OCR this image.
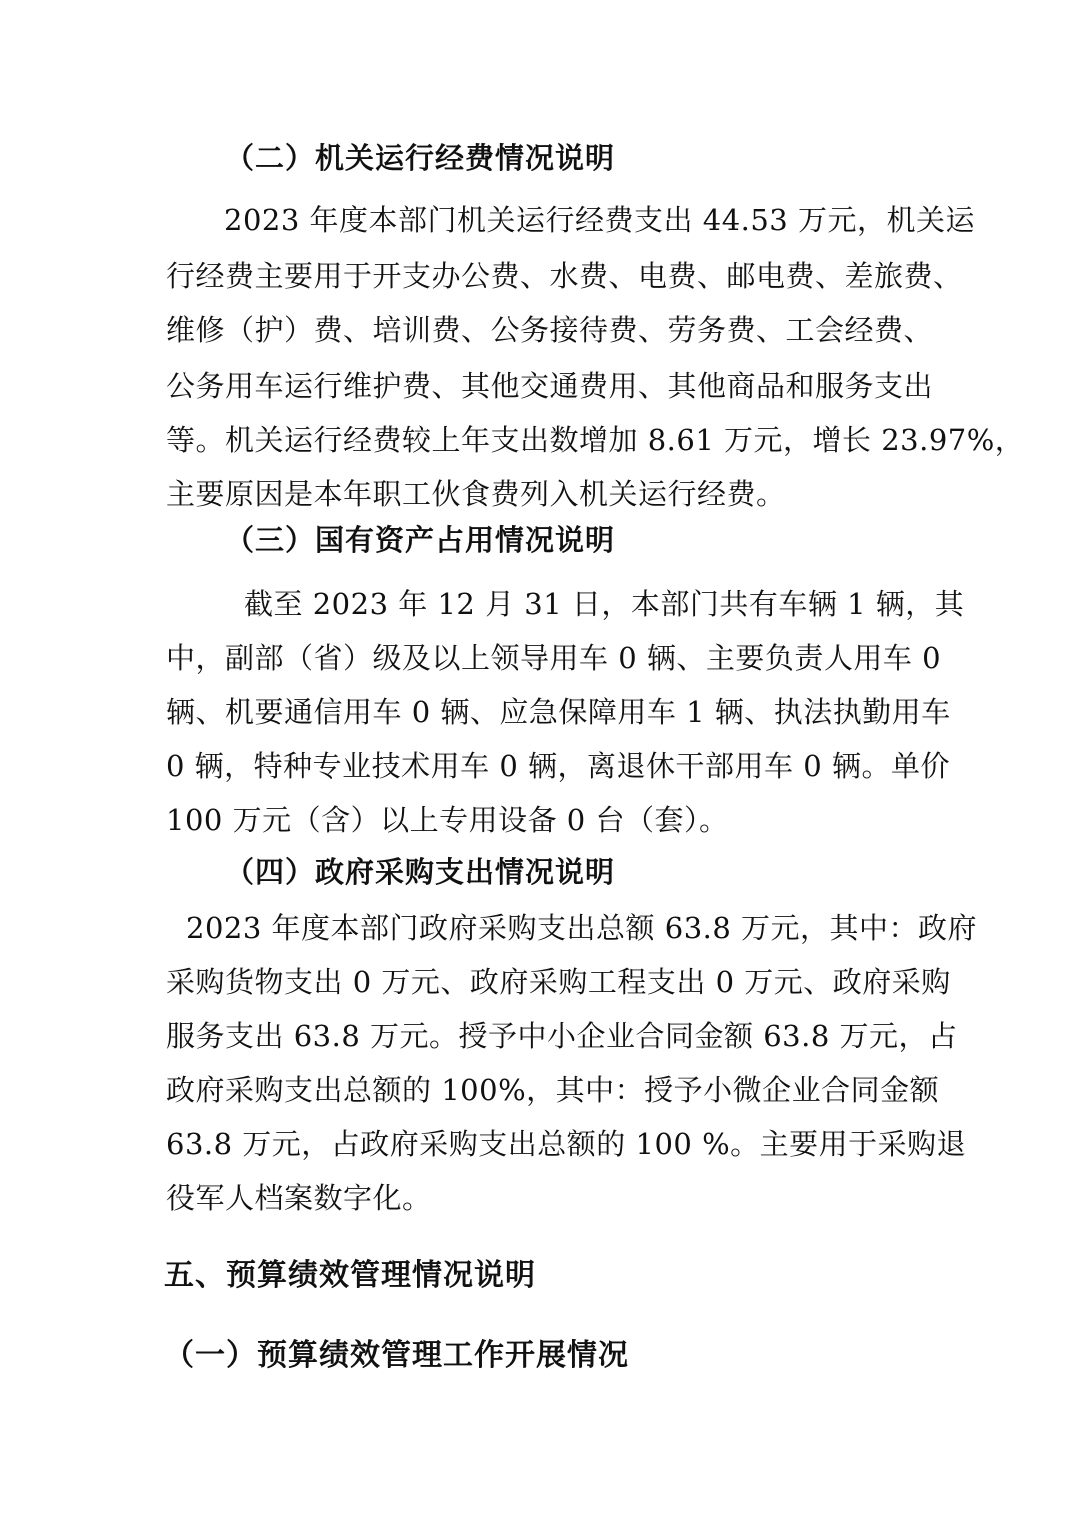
（二）机关运行经费情况说明
2023 年度本部门机关运行经费支出 44.53 万元，机关运
行经费主要用于开支办公费、水费、电费、邮电费、差旅费、
维修（护）费、培训费、公务接待费、劳务费、工会经费、
公务用车运行维护费、其他交通费用、其他商品和服务支出
等。机关运行经费较上年支出数增加 8.61 万元，增长 23.97%，
主要原因是本年职工伙食费列入机关运行经费。
（三）国有资产占用情况说明
截至 2023 年 12 月 31 日，本部门共有车辆 1 辆，其
中，副部（省）级及以上领导用车 0 辆、主要负责人用车 0
辆、机要通信用车 0 辆、应急保障用车 1 辆、执法执勤用车
0 辆，特种专业技术用车 0 辆，离退休干部用车 0 辆。单价
100 万元（含）以上专用设备 0 台（套）。
（四）政府采购支出情况说明
2023 年度本部门政府采购支出总额 63.8 万元，其中：政府
采购货物支出 0 万元、政府采购工程支出 0 万元、政府采购
服务支出 63.8 万元。授予中小企业合同金额 63.8 万元，占
政府采购支出总额的 100%，其中：授予小微企业合同金额
63.8 万元，占政府采购支出总额的 100 %。主要用于采购退
役军人档案数字化。
五、预算绩效管理情况说明
（一）预算绩效管理工作开展情况
